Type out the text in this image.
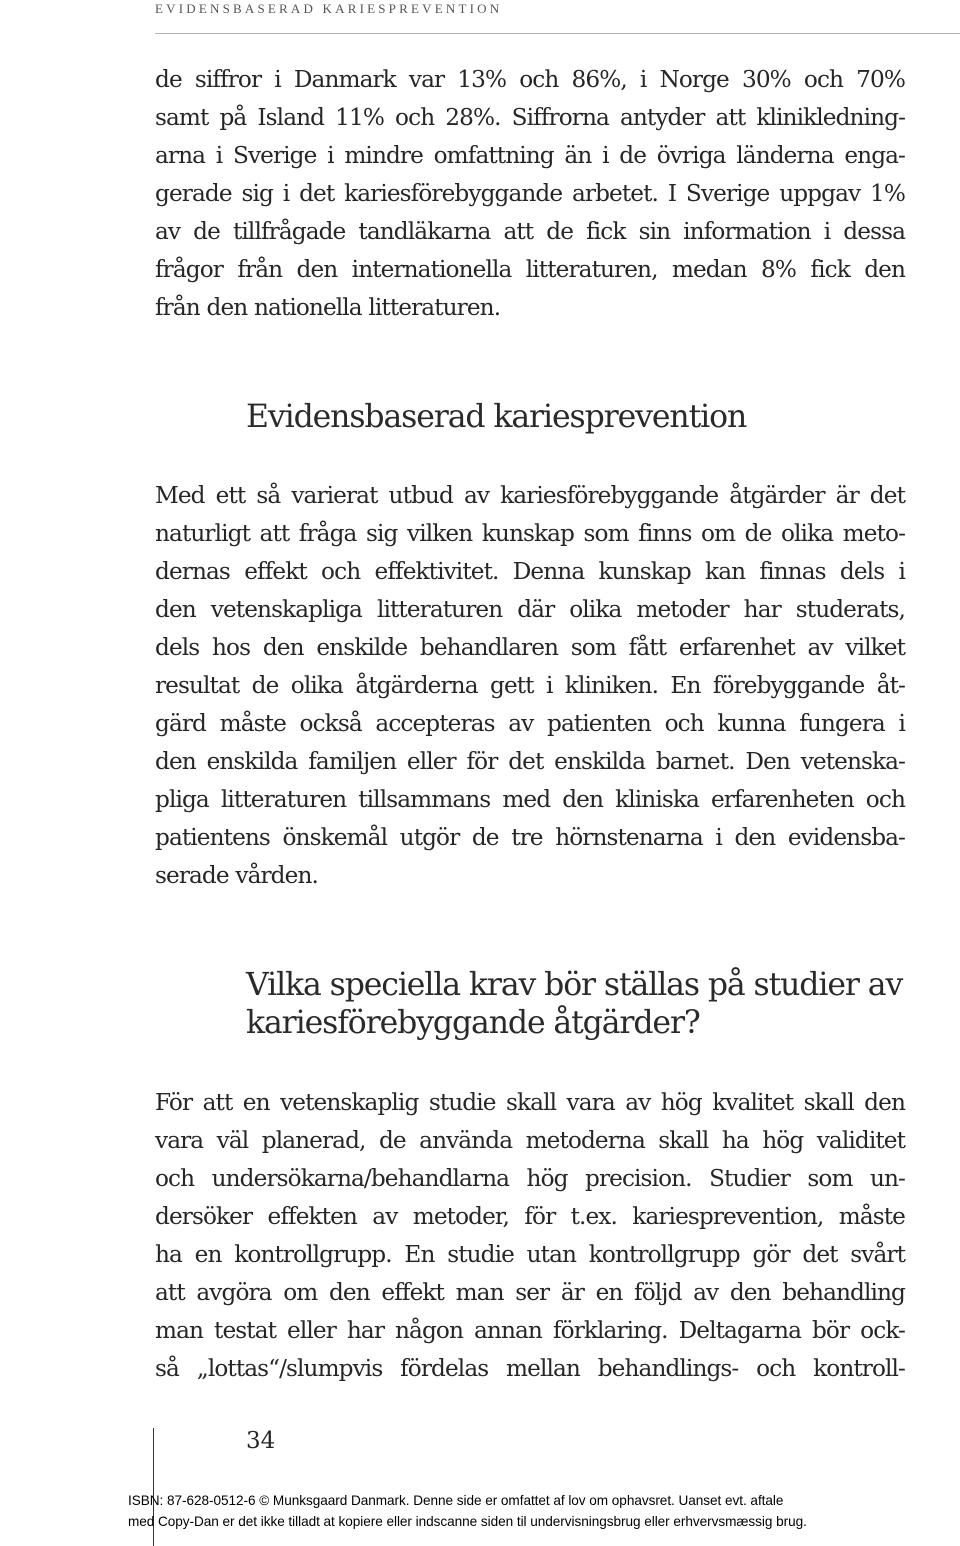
EVIDENSBASERAD KARIESPREVENTION
de siffror i Danmark var 13% och 86%, i Norge 30% och 70%
samt på Island 11% och 28%. Siffrorna antyder att klinikledning-
arna i Sverige i mindre omfattning än i de övriga länderna enga-
gerade sig i det kariesförebyggande arbetet. I Sverige uppgav 1%
av de tillfrågade tandläkarna att de fick sin information i dessa
frågor från den internationella litteraturen, medan 8% fick den
från den nationella litteraturen.
Evidensbaserad kariesprevention
Med ett så varierat utbud av kariesförebyggande åtgärder är det
naturligt att fråga sig vilken kunskap som finns om de olika meto-
dernas effekt och effektivitet. Denna kunskap kan finnas dels i
den vetenskapliga litteraturen där olika metoder har studerats,
dels hos den enskilde behandlaren som fått erfarenhet av vilket
resultat de olika åtgärderna gett i kliniken. En förebyggande åt-
gärd måste också accepteras av patienten och kunna fungera i
den enskilda familjen eller för det enskilda barnet. Den vetenska-
pliga litteraturen tillsammans med den kliniska erfarenheten och
patientens önskemål utgör de tre hörnstenarna i den evidensba-
serade vården.
Vilka speciella krav bör ställas på studier av
kariesförebyggande åtgärder?
För att en vetenskaplig studie skall vara av hög kvalitet skall den
vara väl planerad, de använda metoderna skall ha hög validitet
och undersökarna/behandlarna hög precision. Studier som un-
dersöker effekten av metoder, för t.ex. kariesprevention, måste
ha en kontrollgrupp. En studie utan kontrollgrupp gör det svårt
att avgöra om den effekt man ser är en följd av den behandling
man testat eller har någon annan förklaring. Deltagarna bör ock-
så „lottas“/slumpvis fördelas mellan behandlings- och kontroll-
34
ISBN: 87-628-0512-6 © Munksgaard Danmark. Denne side er omfattet af lov om ophavsret. Uanset evt. aftale
med Copy-Dan er det ikke tilladt at kopiere eller indscanne siden til undervisningsbrug eller erhvervsmæssig brug.
